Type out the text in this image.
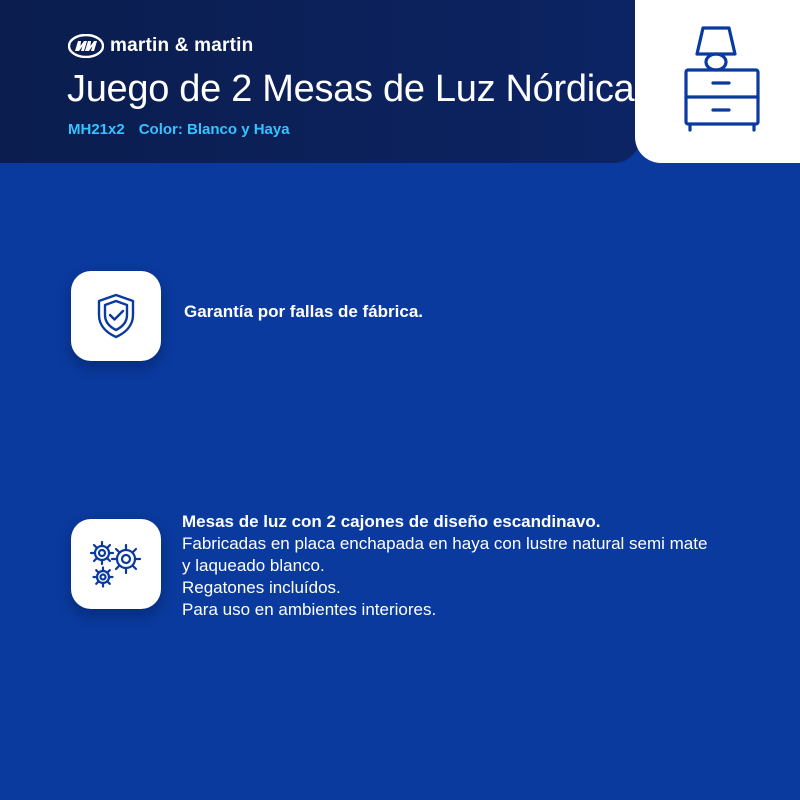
martin & martin
Juego de 2 Mesas de Luz Nórdica
MH21x2 Color: Blanco y Haya
Garantía por fallas de fábrica.
Mesas de luz con 2 cajones de diseño escandinavo.
Fabricadas en placa enchapada en haya con lustre natural semi mate
y laqueado blanco.
Regatones incluídos.
Para uso en ambientes interiores.
